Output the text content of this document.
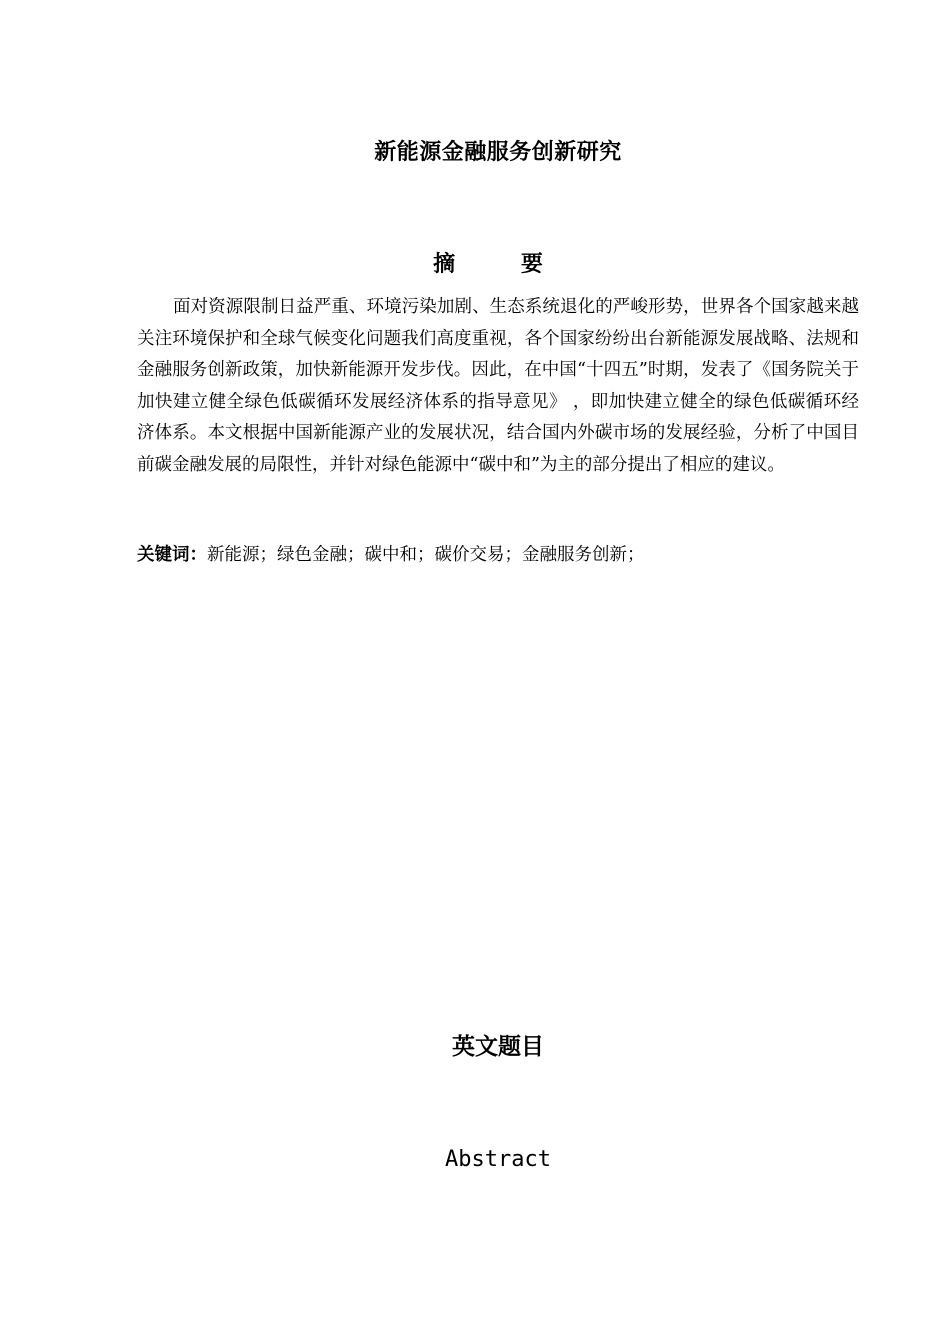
新能源金融服务创新研究
摘 要

面对资源限制日益严重、环境污染加剧、生态系统退化的严峻形势，世界各个国家越来越关注环境保护和全球气候变化问题我们高度重视，各个国家纷纷出台新能源发展战略、法规和金融服务创新政策，加快新能源开发步伐。因此，在中国“十四五”时期，发表了《国务院关于加快建立健全绿色低碳循环发展经济体系的指导意见》 ，即加快建立健全的绿色低碳循环经济体系。本文根据中国新能源产业的发展状况，结合国内外碳市场的发展经验，分析了中国目前碳金融发展的局限性，并针对绿色能源中“碳中和”为主的部分提出了相应的建议。

关键词：新能源；绿色金融；碳中和；碳价交易；金融服务创新；

英文题目
Abstract
